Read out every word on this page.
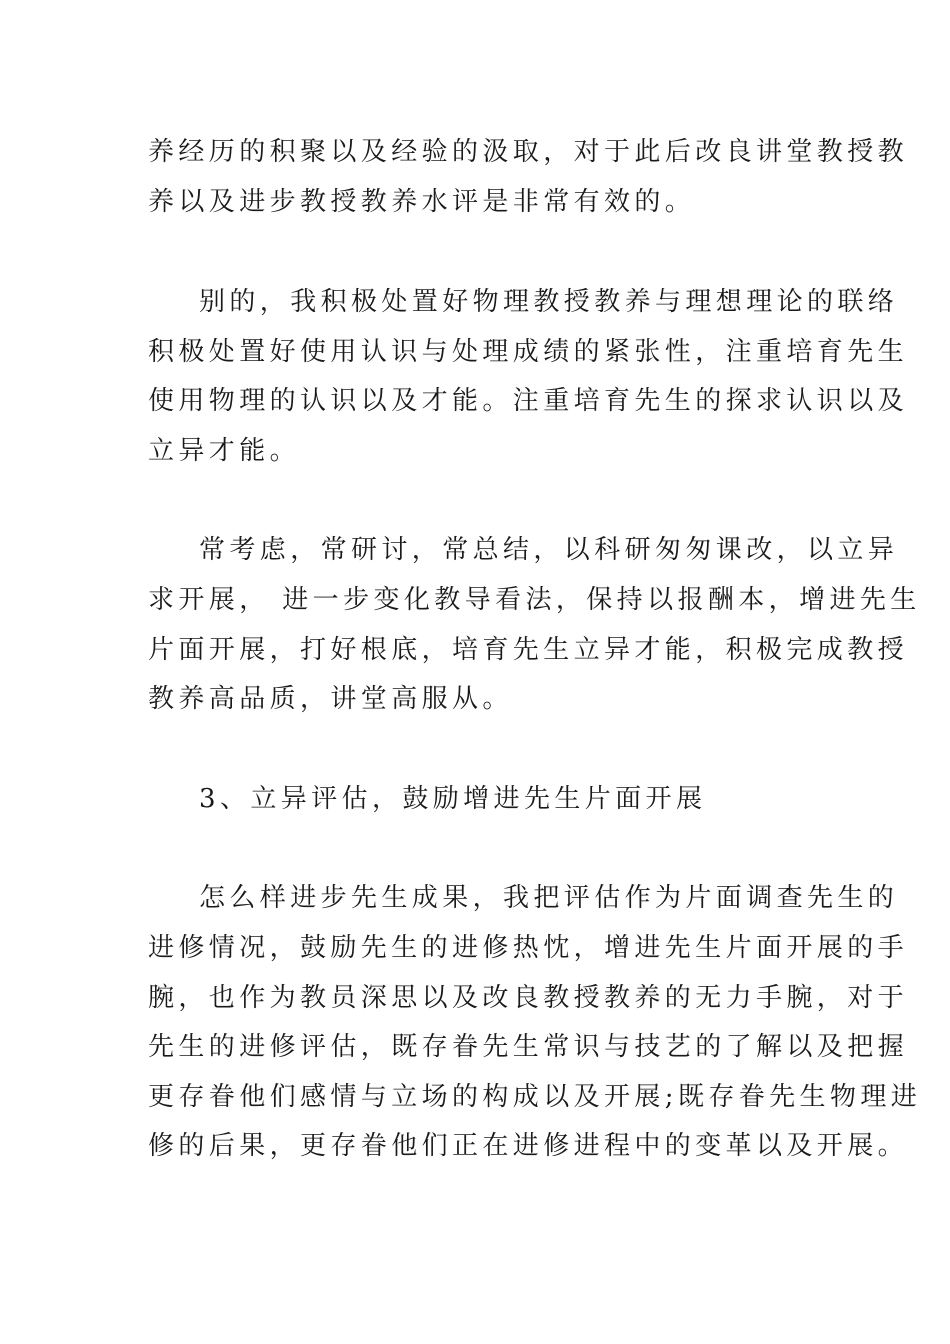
养经历的积聚以及经验的汲取，对于此后改良讲堂教授教

养以及进步教授教养水评是非常有效的。

别的，我积极处置好物理教授教养与理想理论的联络

积极处置好使用认识与处理成绩的紧张性，注重培育先生

使用物理的认识以及才能。注重培育先生的探求认识以及

立异才能。

常考虑，常研讨，常总结，以科研匆匆课改，以立异

求开展， 进一步变化教导看法，保持以报酬本，增进先生

片面开展，打好根底，培育先生立异才能，积极完成教授

教养高品质，讲堂高服从。

3、立异评估，鼓励增进先生片面开展

怎么样进步先生成果，我把评估作为片面调查先生的

进修情况，鼓励先生的进修热忱，增进先生片面开展的手

腕，也作为教员深思以及改良教授教养的无力手腕，对于

先生的进修评估，既存眷先生常识与技艺的了解以及把握

更存眷他们感情与立场的构成以及开展;既存眷先生物理进

修的后果，更存眷他们正在进修进程中的变革以及开展。
